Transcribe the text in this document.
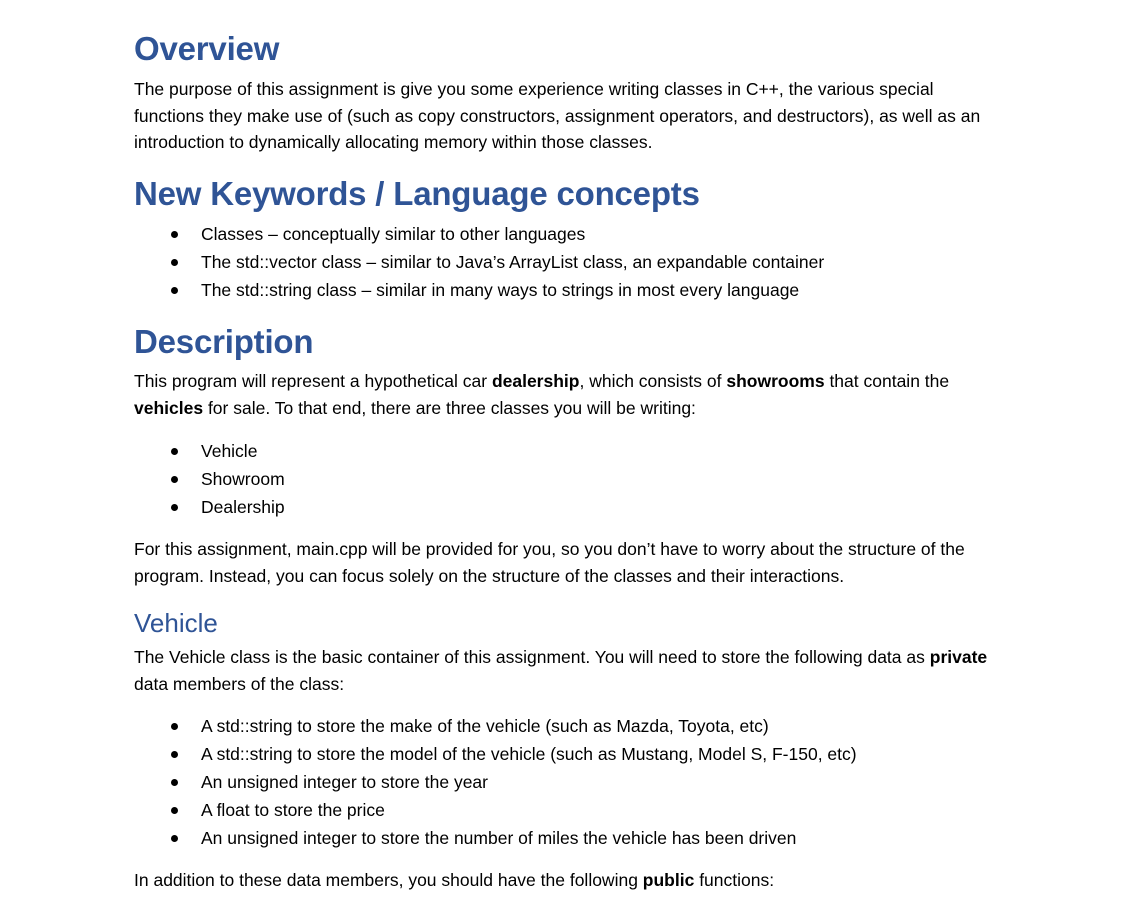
Overview

The purpose of this assignment is give you some experience writing classes in C++, the various special functions they make use of (such as copy constructors, assignment operators, and destructors), as well as an introduction to dynamically allocating memory within those classes.

New Keywords / Language concepts
Classes – conceptually similar to other languages
The std::vector class – similar to Java’s ArrayList class, an expandable container
The std::string class – similar in many ways to strings in most every language
Description

This program will represent a hypothetical car dealership, which consists of showrooms that contain the vehicles for sale. To that end, there are three classes you will be writing:

Vehicle
Showroom
Dealership

For this assignment, main.cpp will be provided for you, so you don’t have to worry about the structure of the program. Instead, you can focus solely on the structure of the classes and their interactions.

Vehicle

The Vehicle class is the basic container of this assignment. You will need to store the following data as private data members of the class:

A std::string to store the make of the vehicle (such as Mazda, Toyota, etc)
A std::string to store the model of the vehicle (such as Mustang, Model S, F-150, etc)
An unsigned integer to store the year
A float to store the price
An unsigned integer to store the number of miles the vehicle has been driven

In addition to these data members, you should have the following public functions:
